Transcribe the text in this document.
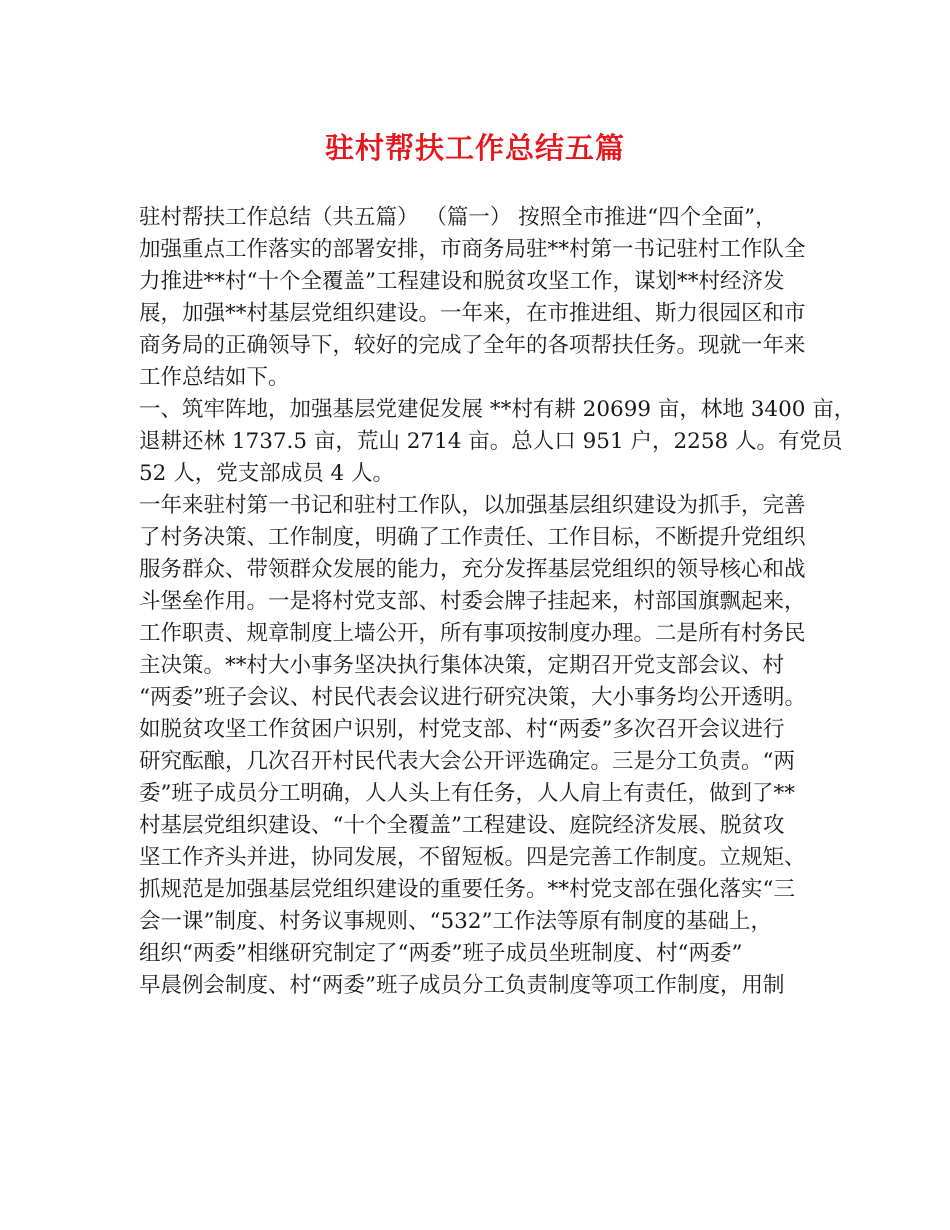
驻村帮扶工作总结五篇
驻村帮扶工作总结（共五篇） （篇一） 按照全市推进“四个全面”，
加强重点工作落实的部署安排，市商务局驻**村第一书记驻村工作队全
力推进**村“十个全覆盖”工程建设和脱贫攻坚工作，谋划**村经济发
展，加强**村基层党组织建设。一年来，在市推进组、斯力很园区和市
商务局的正确领导下，较好的完成了全年的各项帮扶任务。现就一年来
工作总结如下。
一、筑牢阵地，加强基层党建促发展 **村有耕 20699 亩，林地 3400 亩，
退耕还林 1737.5 亩，荒山 2714 亩。总人口 951 户，2258 人。有党员
52 人，党支部成员 4 人。
一年来驻村第一书记和驻村工作队，以加强基层组织建设为抓手，完善
了村务决策、工作制度，明确了工作责任、工作目标，不断提升党组织
服务群众、带领群众发展的能力，充分发挥基层党组织的领导核心和战
斗堡垒作用。一是将村党支部、村委会牌子挂起来，村部国旗飘起来，
工作职责、规章制度上墙公开，所有事项按制度办理。二是所有村务民
主决策。**村大小事务坚决执行集体决策，定期召开党支部会议、村
“两委”班子会议、村民代表会议进行研究决策，大小事务均公开透明。
如脱贫攻坚工作贫困户识别，村党支部、村“两委”多次召开会议进行
研究酝酿，几次召开村民代表大会公开评选确定。三是分工负责。“两
委”班子成员分工明确，人人头上有任务，人人肩上有责任，做到了**
村基层党组织建设、“十个全覆盖”工程建设、庭院经济发展、脱贫攻
坚工作齐头并进，协同发展，不留短板。四是完善工作制度。立规矩、
抓规范是加强基层党组织建设的重要任务。**村党支部在强化落实“三
会一课”制度、村务议事规则、“532”工作法等原有制度的基础上，
组织“两委”相继研究制定了“两委”班子成员坐班制度、村“两委”
早晨例会制度、村“两委”班子成员分工负责制度等项工作制度，用制
